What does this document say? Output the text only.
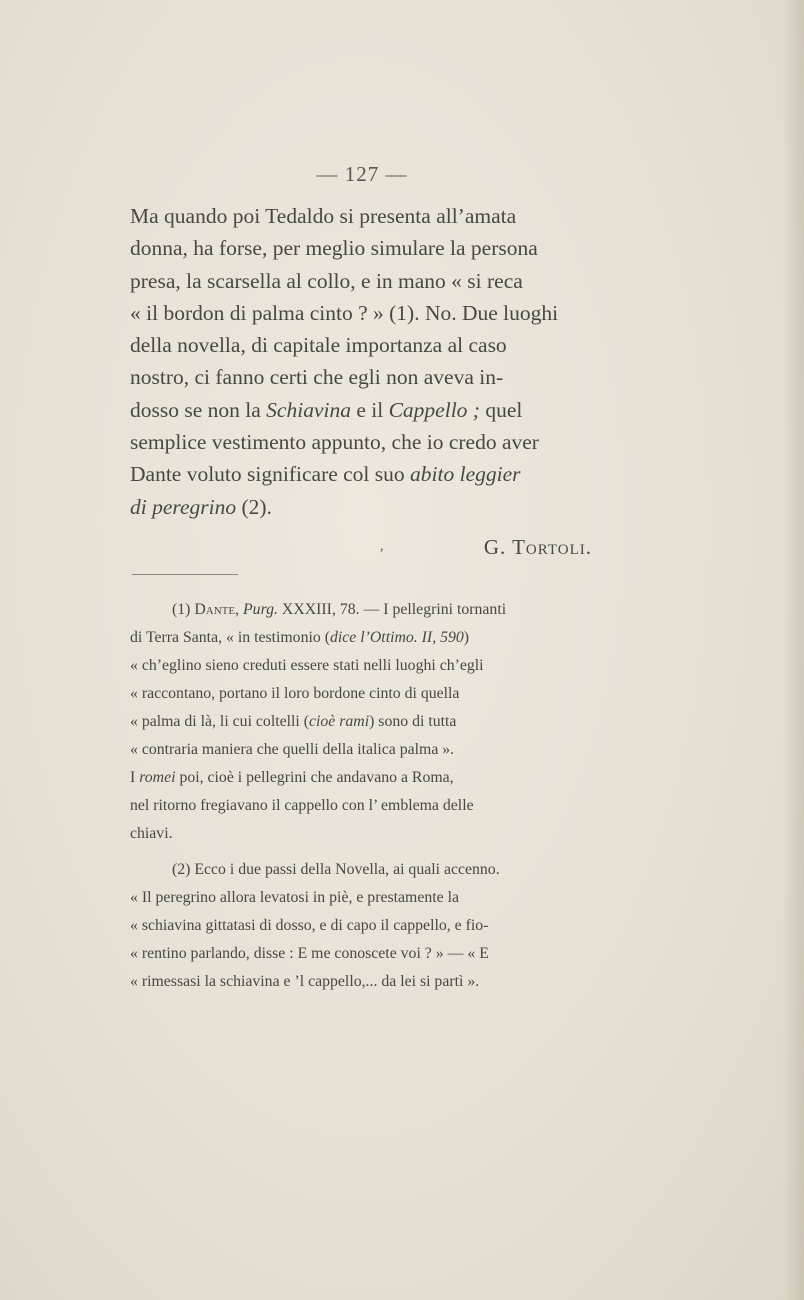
— 127 —
Ma quando poi Tedaldo si presenta all’amata
donna, ha forse, per meglio simulare la persona
presa, la scarsella al collo, e in mano « si reca
« il bordon di palma cinto ? » (1). No. Due luoghi
della novella, di capitale importanza al caso
nostro, ci fanno certi che egli non aveva in-
dosso se non la Schiavina e il Cappello ; quel
semplice vestimento appunto, che io credo aver
Dante voluto significare col suo abito leggier
di peregrino (2).
,	G. Tortoli.
(1) Dante, Purg. XXXIII, 78. — I pellegrini tornanti
di Terra Santa, « in testimonio (dice l’Ottimo. II, 590)
« ch’eglino sieno creduti essere stati nelli luoghi ch’egli
« raccontano, portano il loro bordone cinto di quella
« palma di là, li cui coltelli (cioè rami) sono di tutta
« contraria maniera che quelli della italica palma ».
I romei poi, cioè i pellegrini che andavano a Roma,
nel ritorno fregiavano il cappello con l’ emblema delle
chiavi.
(2) Ecco i due passi della Novella, ai quali accenno.
« Il peregrino allora levatosi in piè, e prestamente la
« schiavina gittatasi di dosso, e di capo il cappello, e fio-
« rentino parlando, disse : E me conoscete voi ? » — « E
« rimessasi la schiavina e ’l cappello,... da lei si partì ».
